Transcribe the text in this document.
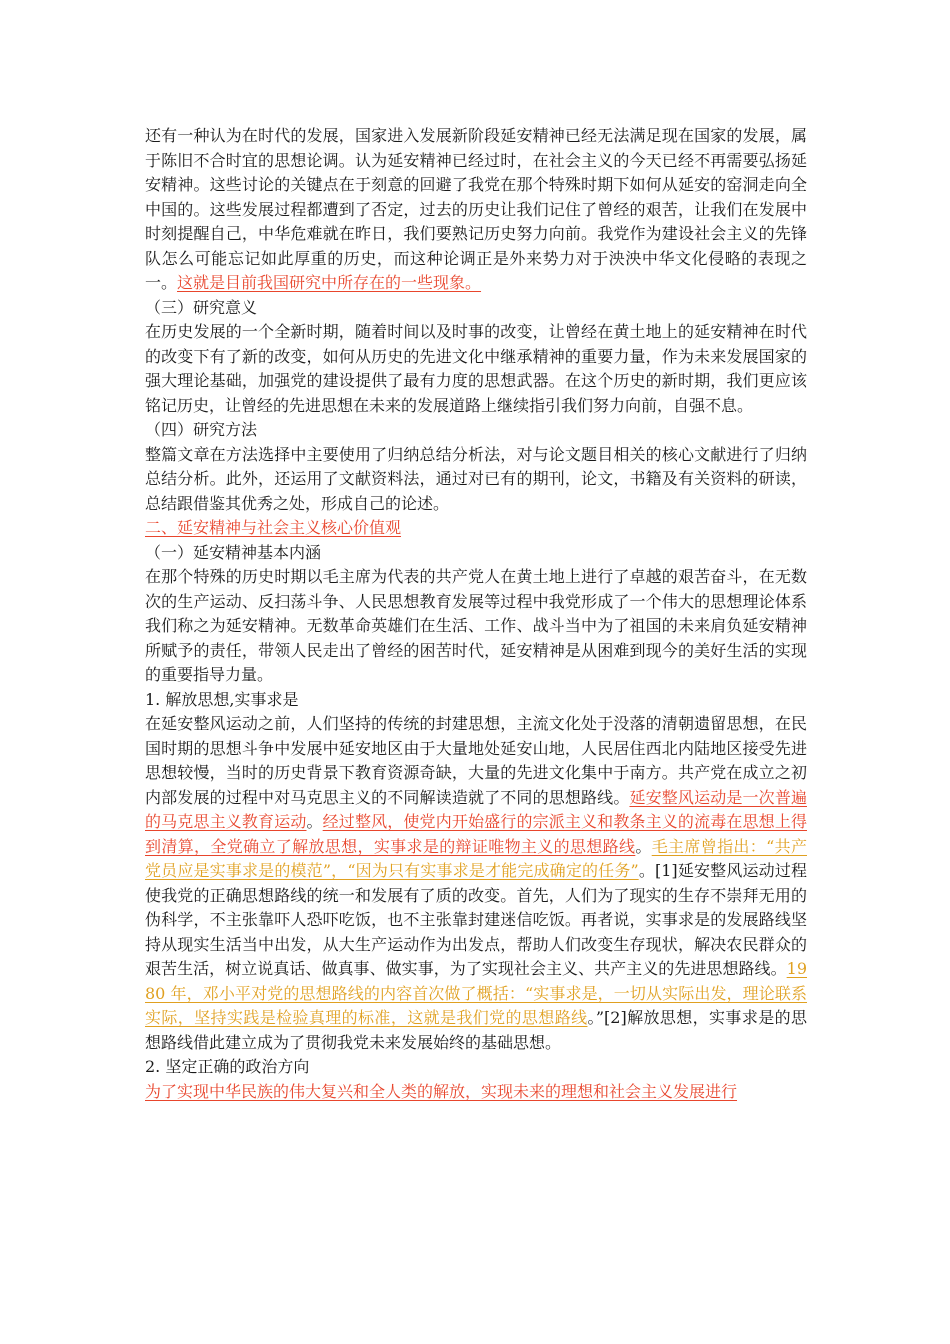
还有一种认为在时代的发展，国家进入发展新阶段延安精神已经无法满足现在国家的发展，属于陈旧不合时宜的思想论调。认为延安精神已经过时，在社会主义的今天已经不再需要弘扬延安精神。这些讨论的关键点在于刻意的回避了我党在那个特殊时期下如何从延安的窑洞走向全中国的。这些发展过程都遭到了否定，过去的历史让我们记住了曾经的艰苦，让我们在发展中时刻提醒自己，中华危难就在昨日，我们要熟记历史努力向前。我党作为建设社会主义的先锋队怎么可能忘记如此厚重的历史，而这种论调正是外来势力对于泱泱中华文化侵略的表现之一。这就是目前我国研究中所存在的一些现象。

（三）研究意义

在历史发展的一个全新时期，随着时间以及时事的改变，让曾经在黄土地上的延安精神在时代的改变下有了新的改变，如何从历史的先进文化中继承精神的重要力量，作为未来发展国家的强大理论基础，加强党的建设提供了最有力度的思想武器。在这个历史的新时期，我们更应该铭记历史，让曾经的先进思想在未来的发展道路上继续指引我们努力向前，自强不息。

（四）研究方法

整篇文章在方法选择中主要使用了归纳总结分析法，对与论文题目相关的核心文献进行了归纳总结分析。此外，还运用了文献资料法，通过对已有的期刊，论文，书籍及有关资料的研读，总结跟借鉴其优秀之处，形成自己的论述。

二、延安精神与社会主义核心价值观

（一）延安精神基本内涵

在那个特殊的历史时期以毛主席为代表的共产党人在黄土地上进行了卓越的艰苦奋斗，在无数次的生产运动、反扫荡斗争、人民思想教育发展等过程中我党形成了一个伟大的思想理论体系我们称之为延安精神。无数革命英雄们在生活、工作、战斗当中为了祖国的未来肩负延安精神所赋予的责任，带领人民走出了曾经的困苦时代，延安精神是从困难到现今的美好生活的实现的重要指导力量。

1. 解放思想,实事求是

在延安整风运动之前，人们坚持的传统的封建思想，主流文化处于没落的清朝遗留思想，在民国时期的思想斗争中发展中延安地区由于大量地处延安山地，人民居住西北内陆地区接受先进思想较慢，当时的历史背景下教育资源奇缺，大量的先进文化集中于南方。共产党在成立之初内部发展的过程中对马克思主义的不同解读造就了不同的思想路线。延安整风运动是一次普遍的马克思主义教育运动。经过整风，使党内开始盛行的宗派主义和教条主义的流毒在思想上得到清算，全党确立了解放思想，实事求是的辩证唯物主义的思想路线。毛主席曾指出：“共产党员应是实事求是的模范”，“因为只有实事求是才能完成确定的任务”。[1]延安整风运动过程使我党的正确思想路线的统一和发展有了质的改变。首先，人们为了现实的生存不崇拜无用的伪科学，不主张靠吓人恐吓吃饭，也不主张靠封建迷信吃饭。再者说，实事求是的发展路线坚持从现实生活当中出发，从大生产运动作为出发点，帮助人们改变生存现状，解决农民群众的艰苦生活，树立说真话、做真事、做实事，为了实现社会主义、共产主义的先进思想路线。1980 年，邓小平对党的思想路线的内容首次做了概括：“实事求是，一切从实际出发，理论联系实际，坚持实践是检验真理的标准，这就是我们党的思想路线。”[2]解放思想，实事求是的思想路线借此建立成为了贯彻我党未来发展始终的基础思想。

2. 坚定正确的政治方向

为了实现中华民族的伟大复兴和全人类的解放，实现未来的理想和社会主义发展进行
